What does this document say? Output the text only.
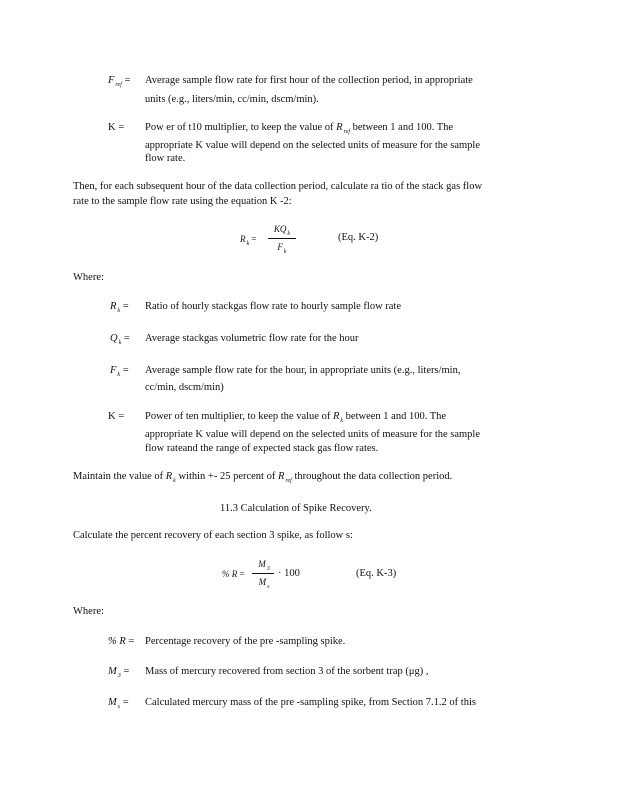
$F_{ref}$ = Average sample flow rate for first hour of the collection period, in appropriate
units (e.g., liters/min, cc/min, dscm/min).
K = Pow er of t10 multiplier, to keep the value of $R_{ref}$ between 1 and 100. The
appropriate K value will depend on the selected units of measure for the sample
flow rate.
Then, for each subsequent hour of the data collection period, calculate ra tio of the stack gas flow
rate to the sample flow rate using the equation K -2:
$R_k$ =
$KQ_k$
$F_k$
(Eq. K-2)
Where:
$R_k$ = Ratio of hourly stackgas flow rate to hourly sample flow rate
$Q_k$ = Average stackgas volumetric flow rate for the hour
$F_k$ = Average sample flow rate for the hour, in appropriate units (e.g., liters/min,
cc/min, dscm/min)
K = Power of ten multiplier, to keep the value of $R_k$ between 1 and 100. The
appropriate K value will depend on the selected units of measure for the sample
flow rateand the range of expected stack gas flow rates.
Maintain the value of $R_k$ within +- 25 percent of $R_{ref}$ throughout the data collection period.
11.3 Calculation of Spike Recovery.
Calculate the percent recovery of each section 3 spike, as follow s:
% R =
$M_3$
$M_s$
· 100	(Eq. K-3)
Where:
% R = Percentage recovery of the pre -sampling spike.
$M_3$ = Mass of mercury recovered from section 3 of the sorbent trap (μg) ,
$M_s$ = Calculated mercury mass of the pre -sampling spike, from Section 7.1.2 of this
